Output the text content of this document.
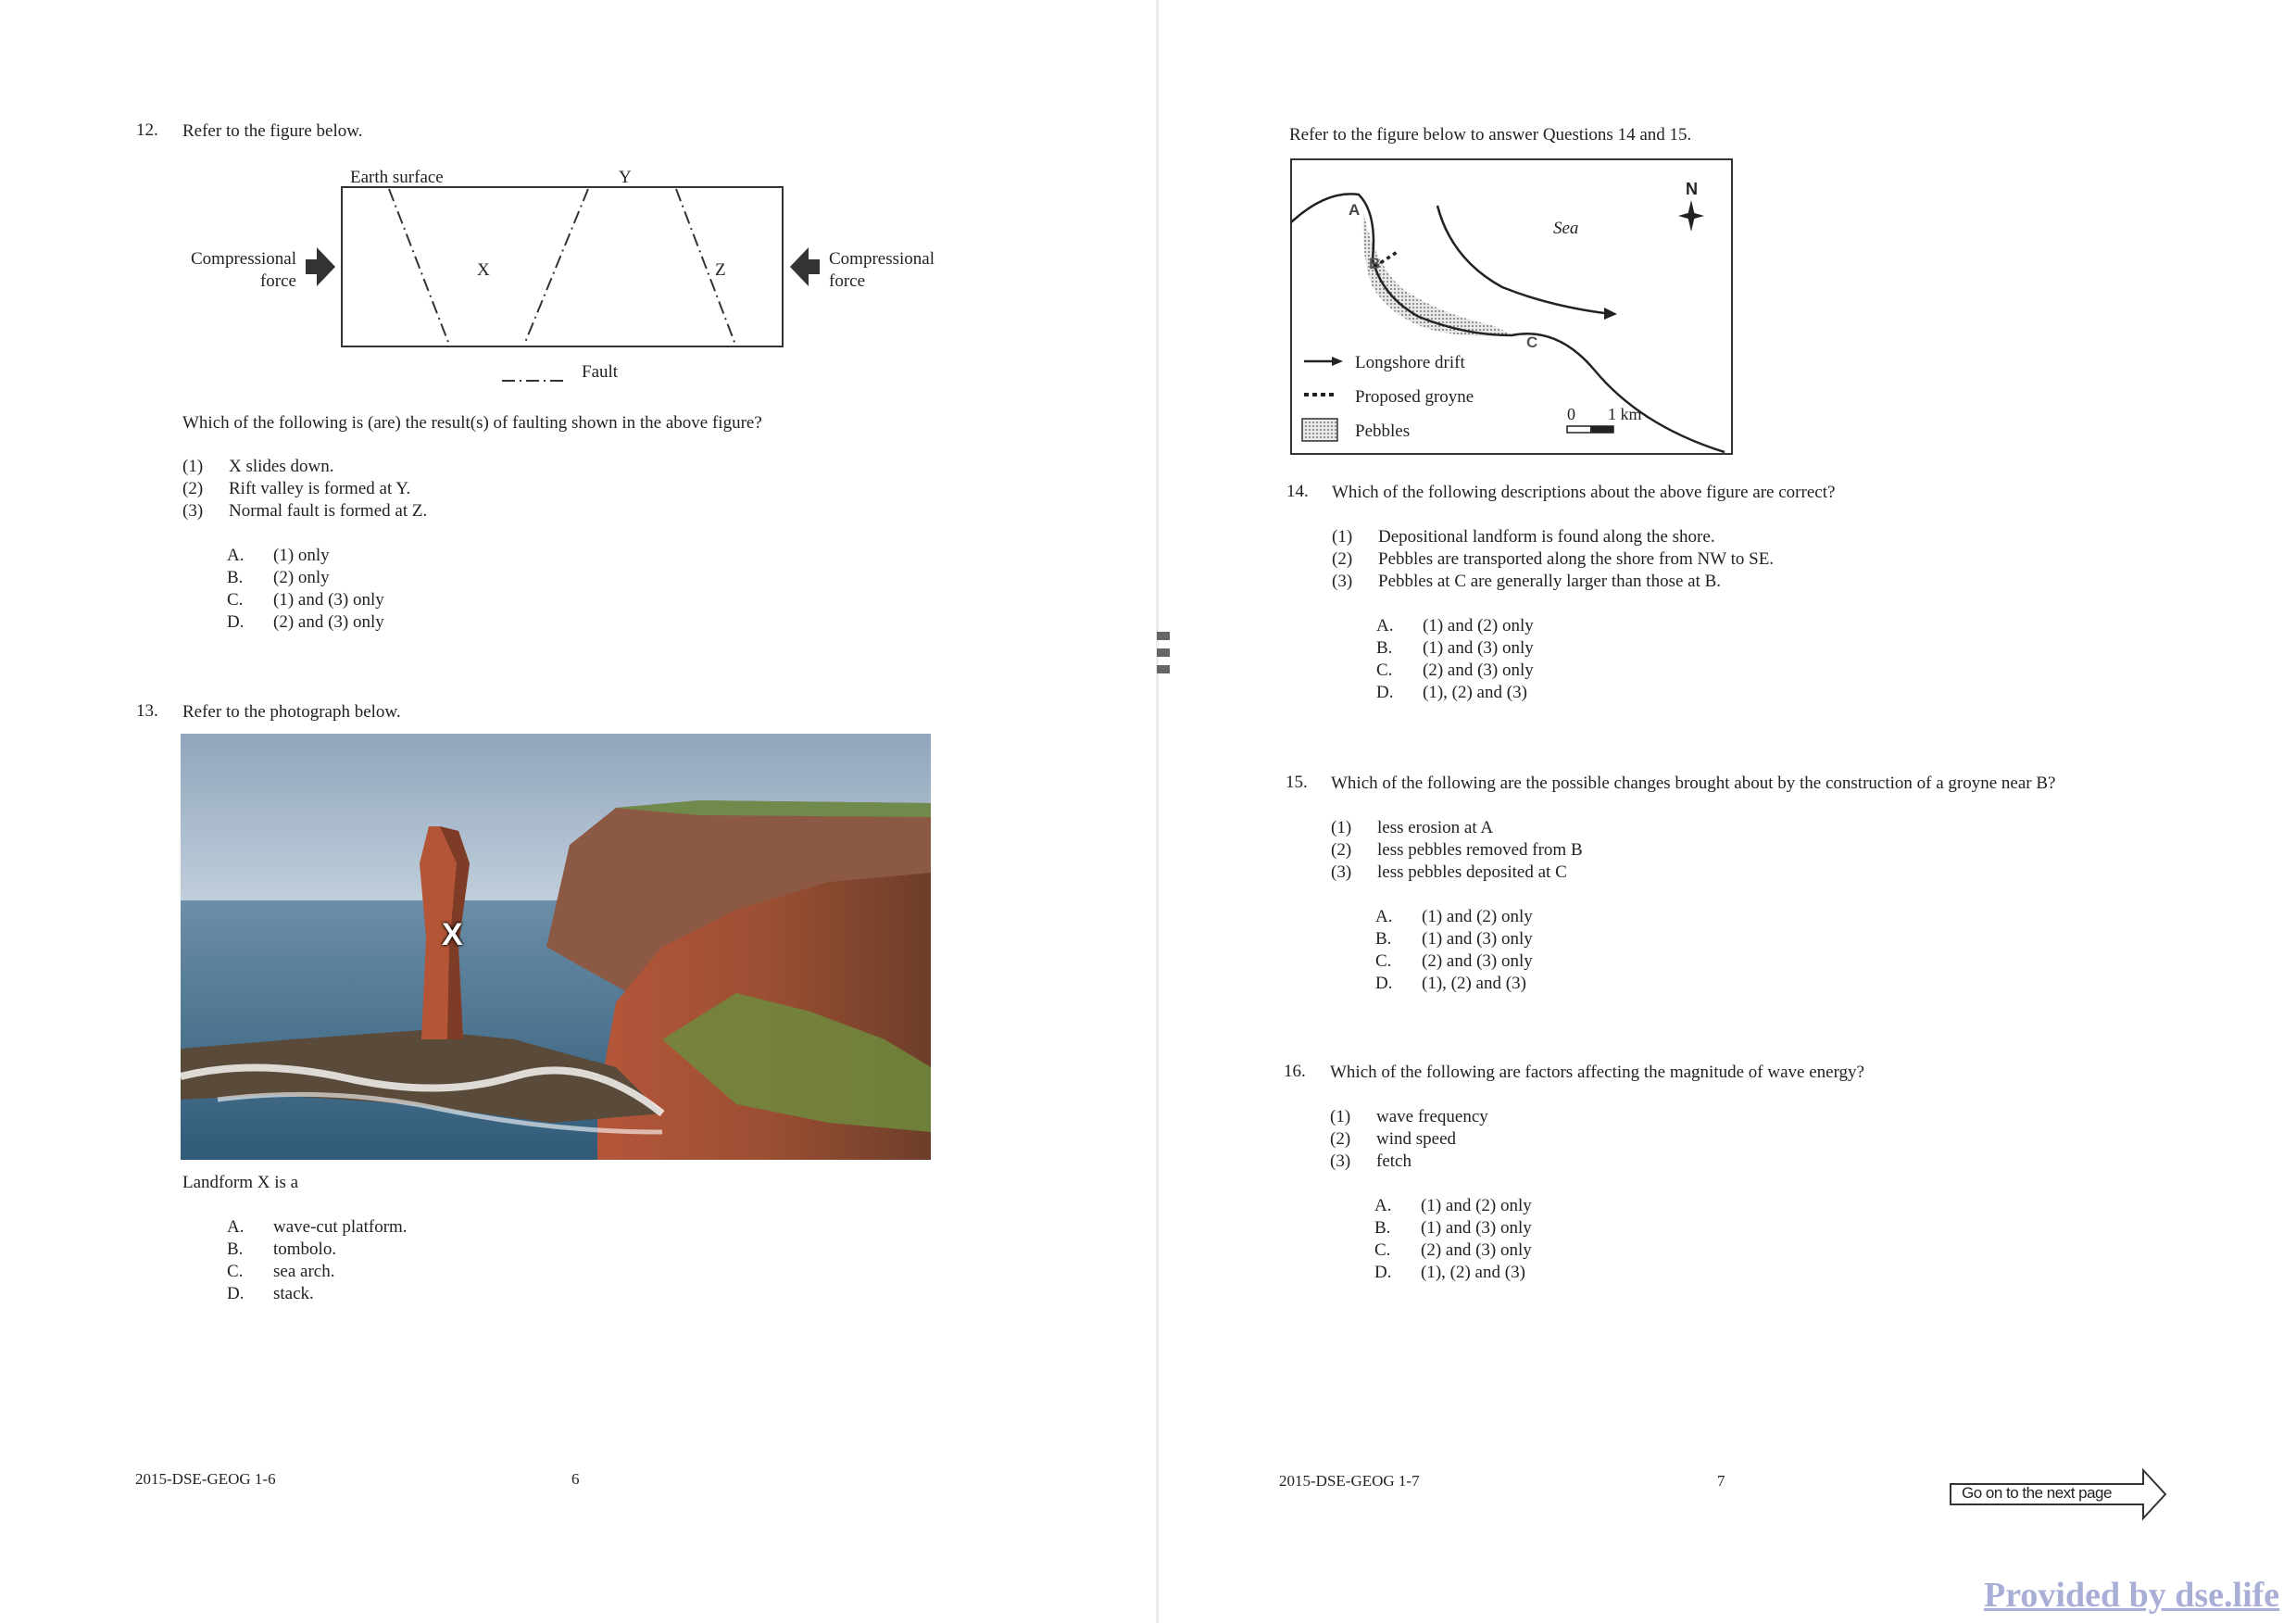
12. Refer to the figure below.
Earth surface	Y
X	Z
Compressional
force
Compressional
force
Fault
Which of the following is (are) the result(s) of faulting shown in the above figure?
(1) X slides down.
(2) Rift valley is formed at Y.
(3) Normal fault is formed at Z.
A. (1) only
B. (2) only
C. (1) and (3) only
D. (2) and (3) only
13. Refer to the photograph below.
X
Landform X is a
A. wave-cut platform.
B. tombolo.
C. sea arch.
D. stack.
2015-DSE-GEOG 1-6	6
Refer to the figure below to answer Questions 14 and 15.
A
B
C
Sea
N
Longshore drift
Proposed groyne
Pebbles
0 1 km
14. Which of the following descriptions about the above figure are correct?
(1) Depositional landform is found along the shore.
(2) Pebbles are transported along the shore from NW to SE.
(3) Pebbles at C are generally larger than those at B.
A. (1) and (2) only
B. (1) and (3) only
C. (2) and (3) only
D. (1), (2) and (3)
15. Which of the following are the possible changes brought about by the construction of a groyne near B?
(1) less erosion at A
(2) less pebbles removed from B
(3) less pebbles deposited at C
A. (1) and (2) only
B. (1) and (3) only
C. (2) and (3) only
D. (1), (2) and (3)
16. Which of the following are factors affecting the magnitude of wave energy?
(1) wave frequency
(2) wind speed
(3) fetch
A. (1) and (2) only
B. (1) and (3) only
C. (2) and (3) only
D. (1), (2) and (3)
2015-DSE-GEOG 1-7	7
Go on to the next page
Provided by dse.life
